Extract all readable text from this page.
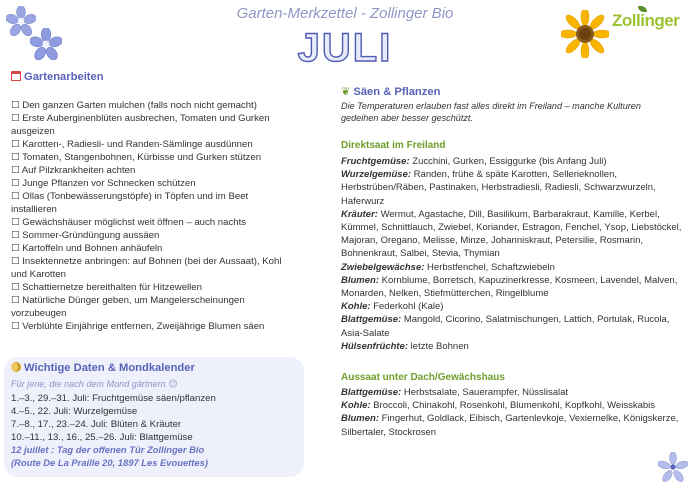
Garten-Merkzettel - Zollinger Bio
JULI
Zollinger
Gartenarbeiten
☐ Den ganzen Garten mulchen (falls noch nicht gemacht)
☐ Erste Auberginenblüten ausbrechen, Tomaten und Gurken ausgeizen
☐ Karotten-, Radiesli- und Randen-Sämlinge ausdünnen
☐ Tomaten, Stangenbohnen, Kürbisse und Gurken stützen
☐ Auf Pilzkrankheiten achten
☐ Junge Pflanzen vor Schnecken schützen
☐ Ollas (Tonbewässerungstöpfe) in Töpfen und im Beet installieren
☐ Gewächshäuser möglichst weit öffnen – auch nachts
☐ Sommer-Gründüngung aussäen
☐ Kartoffeln und Bohnen anhäufeln
☐ Insektennetze anbringen: auf Bohnen (bei der Aussaat), Kohl und Karotten
☐ Schattiernetze bereithalten für Hitzewellen
☐ Natürliche Dünger geben, um Mangelerscheinungen vorzubeugen
☐ Verblühte Einjährige entfernen, Zweijährige Blumen säen
Wichtige Daten & Mondkalender
Für jene, die nach dem Mond gärtnern 😉
1.–3., 29.–31. Juli: Fruchtgemüse säen/pflanzen
4.–5., 22. Juli: Wurzelgemüse
7.–8., 17., 23.–24. Juli: Blüten & Kräuter
10.–11., 13., 16., 25.–26. Juli: Blattgemüse
12 juillet : Tag der offenen Tür Zollinger Bio
(Route De La Praille 20, 1897 Les Evouettes)
❦ Säen & Pflanzen
Die Temperaturen erlauben fast alles direkt im Freiland – manche Kulturen gedeihen aber besser geschützt.
Direktsaat im Freiland
Fruchtgemüse: Zucchini, Gurken, Essiggurke (bis Anfang Juli)
Wurzelgemüse: Randen, frühe & späte Karotten, Sellerieknollen, Herbstrüben/Räben, Pastinaken, Herbstradiesli, Radiesli, Schwarzwurzeln, Haferwurz
Kräuter: Wermut, Agastache, Dill, Basilikum, Barbarakraut, Kamille, Kerbel, Kümmel, Schnittlauch, Zwiebel, Koriander, Estragon, Fenchel, Ysop, Liebstöckel, Majoran, Oregano, Melisse, Minze, Johanniskraut, Petersilie, Rosmarin, Bohnenkraut, Salbei, Stevia, Thymian
Zwiebelgewächse: Herbstfenchel, Schaftzwiebeln
Blumen: Kornblume, Borretsch, Kapuzinerkresse, Kosmeen, Lavendel, Malven, Monarden, Nelken, Stiefmütterchen, Ringelblume
Kohle: Federkohl (Kale)
Blattgemüse: Mangold, Cicorino, Salatmischungen, Lattich, Portulak, Rucola, Asia-Salate
Hülsenfrüchte: letzte Bohnen
Aussaat unter Dach/Gewächshaus
Blattgemüse: Herbstsalate, Sauerampfer, Nüsslisalat
Kohle: Broccoli, Chinakohl, Rosenkohl, Blumenkohl, Kopfkohl, Weisskabis
Blumen: Fingerhut, Goldlack, Eibisch, Gartenlevkoje, Vexiernelke, Königskerze, Silbertaler, Stockrosen
